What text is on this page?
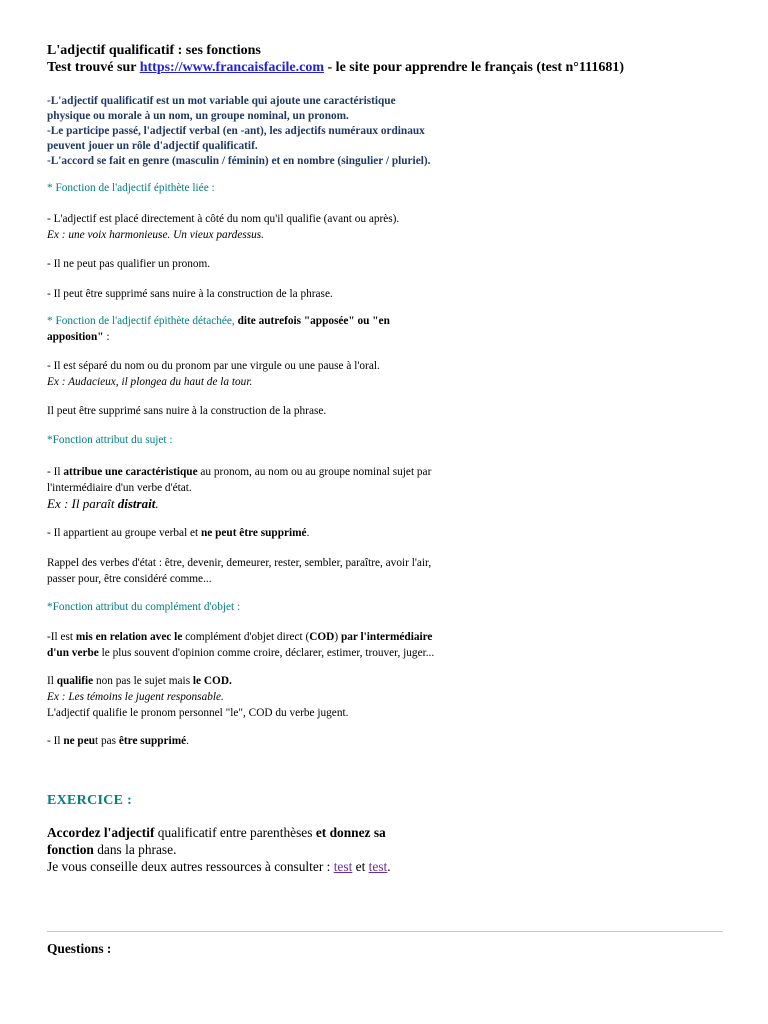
L'adjectif qualificatif : ses fonctions
Test trouvé sur https://www.francaisfacile.com - le site pour apprendre le français (test n°111681)
-L'adjectif qualificatif est un mot variable qui ajoute une caractéristique
physique ou morale à un nom, un groupe nominal, un pronom.
-Le participe passé, l'adjectif verbal (en -ant), les adjectifs numéraux ordinaux
peuvent jouer un rôle d'adjectif qualificatif.
-L'accord se fait en genre (masculin / féminin) et en nombre (singulier / pluriel).
* Fonction de l'adjectif épithète liée :
- L'adjectif est placé directement à côté du nom qu'il qualifie (avant ou après).
Ex : une voix harmonieuse. Un vieux pardessus.
- Il ne peut pas qualifier un pronom.
- Il peut être supprimé sans nuire à la construction de la phrase.
* Fonction de l'adjectif épithète détachée, dite autrefois "apposée" ou "en
apposition" :
- Il est séparé du nom ou du pronom par une virgule ou une pause à l'oral.
Ex : Audacieux, il plongea du haut de la tour.
Il peut être supprimé sans nuire à la construction de la phrase.
*Fonction attribut du sujet :
- Il attribue une caractéristique au pronom, au nom ou au groupe nominal sujet par
l'intermédiaire d'un verbe d'état.
Ex : Il paraît distrait.
- Il appartient au groupe verbal et ne peut être supprimé.
Rappel des verbes d'état : être, devenir, demeurer, rester, sembler, paraître, avoir l'air,
passer pour, être considéré comme...
*Fonction attribut du complément d'objet :
-Il est mis en relation avec le complément d'objet direct (COD) par l'intermédiaire
d'un verbe le plus souvent d'opinion comme croire, déclarer, estimer, trouver, juger...
Il qualifie non pas le sujet mais le COD.
Ex : Les témoins le jugent responsable.
L'adjectif qualifie le pronom personnel "le", COD du verbe jugent.
- Il ne peut pas être supprimé.
EXERCICE :
Accordez l'adjectif qualificatif entre parenthèses et donnez sa
fonction dans la phrase.
Je vous conseille deux autres ressources à consulter : test et test.
Questions :
